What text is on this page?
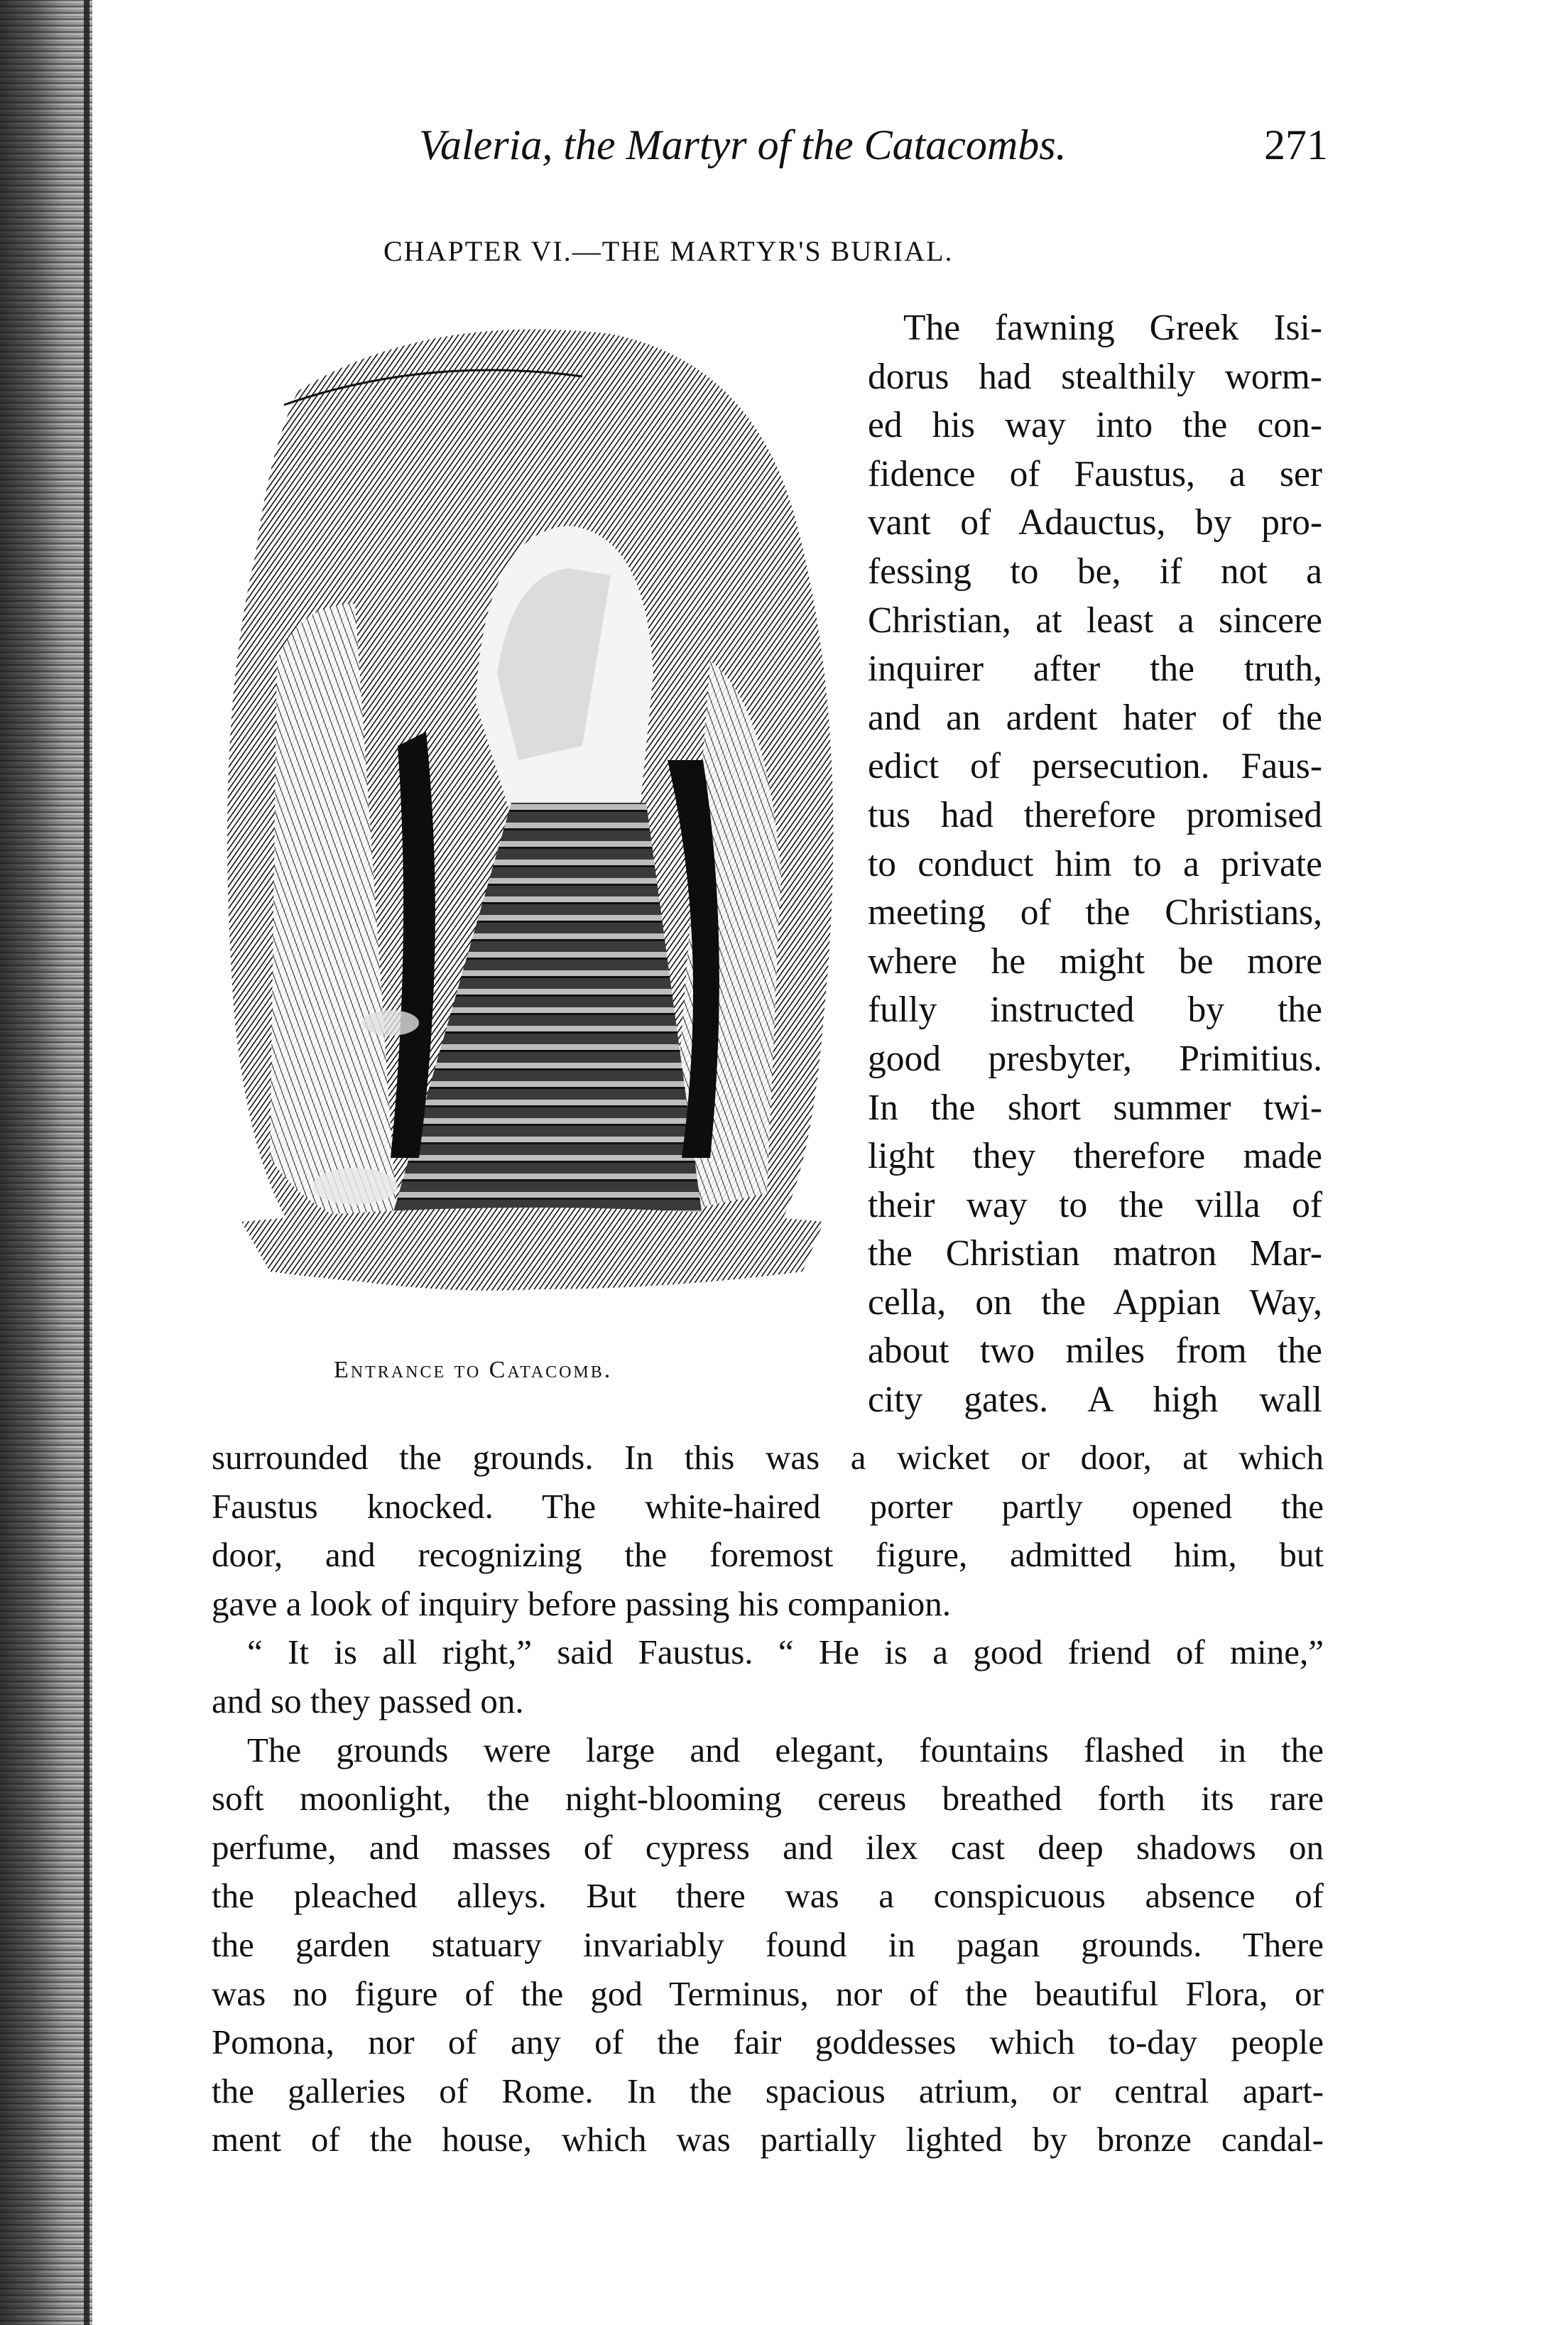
Valeria, the Martyr of the Catacombs.	271
CHAPTER VI.—THE MARTYR'S BURIAL.
Entrance to Catacomb.
The fawning Greek Isi-
dorus had stealthily worm-
ed his way into the con-
fidence of Faustus, a ser
vant of Adauctus, by pro-
fessing to be, if not a
Christian, at least a sincere
inquirer after the truth,
and an ardent hater of the
edict of persecution. Faus-
tus had therefore promised
to conduct him to a private
meeting of the Christians,
where he might be more
fully instructed by the
good presbyter, Primitius.
In the short summer twi-
light they therefore made
their way to the villa of
the Christian matron Mar-
cella, on the Appian Way,
about two miles from the
city gates. A high wall
surrounded the grounds. In this was a wicket or door, at which
Faustus knocked. The white-haired porter partly opened the
door, and recognizing the foremost figure, admitted him, but
gave a look of inquiry before passing his companion.
“ It is all right,” said Faustus. “ He is a good friend of mine,”
and so they passed on.
The grounds were large and elegant, fountains flashed in the
soft moonlight, the night-blooming cereus breathed forth its rare
perfume, and masses of cypress and ilex cast deep shadows on
the pleached alleys. But there was a conspicuous absence of
the garden statuary invariably found in pagan grounds. There
was no figure of the god Terminus, nor of the beautiful Flora, or
Pomona, nor of any of the fair goddesses which to-day people
the galleries of Rome. In the spacious atrium, or central apart-
ment of the house, which was partially lighted by bronze candal-
